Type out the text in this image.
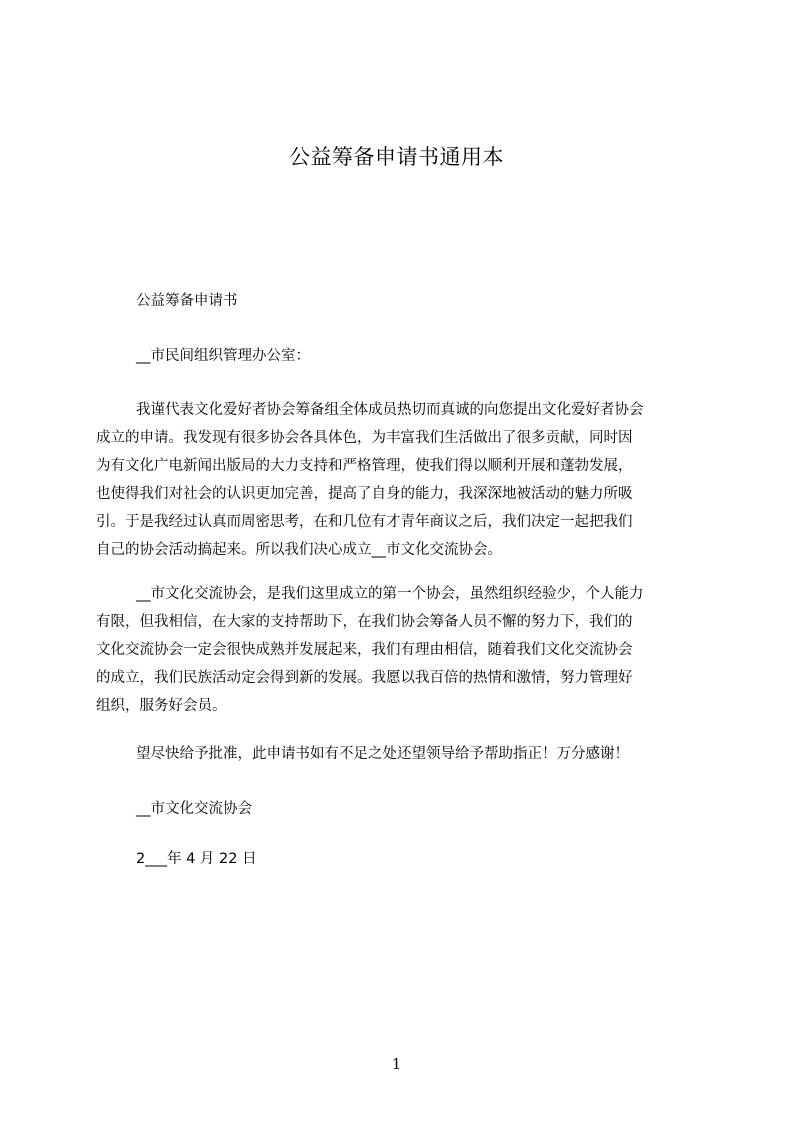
公益筹备申请书通用本
公益筹备申请书
__市民间组织管理办公室：
我谨代表文化爱好者协会筹备组全体成员热切而真诚的向您提出文化爱好者协会
成立的申请。我发现有很多协会各具体色，为丰富我们生活做出了很多贡献，同时因
为有文化广电新闻出版局的大力支持和严格管理，使我们得以顺利开展和蓬勃发展，
也使得我们对社会的认识更加完善，提高了自身的能力，我深深地被活动的魅力所吸
引。于是我经过认真而周密思考，在和几位有才青年商议之后，我们决定一起把我们
自己的协会活动搞起来。所以我们决心成立__市文化交流协会。
__市文化交流协会，是我们这里成立的第一个协会，虽然组织经验少，个人能力
有限，但我相信，在大家的支持帮助下，在我们协会筹备人员不懈的努力下，我们的
文化交流协会一定会很快成熟并发展起来，我们有理由相信，随着我们文化交流协会
的成立，我们民族活动定会得到新的发展。我愿以我百倍的热情和激情，努力管理好
组织，服务好会员。
望尽快给予批准，此申请书如有不足之处还望领导给予帮助指正！万分感谢！
__市文化交流协会
2___年 4 月 22 日
1
